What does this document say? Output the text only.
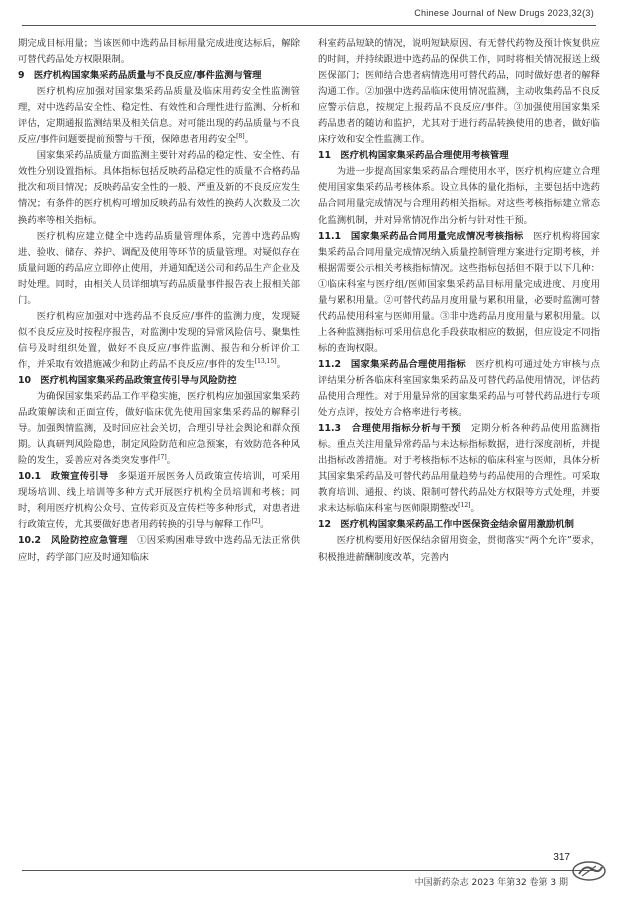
Chinese Journal of New Drugs 2023,32(3)

期完成目标用量；当该医师中选药品目标用量完成进度达标后，解除可替代药品处方权限限制。

9　医疗机构国家集采药品质量与不良反应/事件监测与管理

医疗机构应加强对国家集采药品质量及临床用药安全性监测管理，对中选药品安全性、稳定性、有效性和合理性进行监测、分析和评估，定期通报监测结果及相关信息。对可能出现的药品质量与不良反应/事件问题要提前预警与干预，保障患者用药安全[8]。

国家集采药品质量方面监测主要针对药品的稳定性、安全性、有效性分别设置指标。具体指标包括反映药品稳定性的质量不合格药品批次和项目情况；反映药品安全性的一般、严重及新的不良反应发生情况；有条件的医疗机构可增加反映药品有效性的换药人次数及二次换药率等相关指标。

医疗机构应建立健全中选药品质量管理体系，完善中选药品购进、验收、储存、养护、调配及使用等环节的质量管理。对疑似存在质量问题的药品应立即停止使用，并通知配送公司和药品生产企业及时处理。同时，由相关人员详细填写药品质量事件报告表上报相关部门。

医疗机构应加强对中选药品不良反应/事件的监测力度，发现疑似不良反应及时按程序报告，对监测中发现的异常风险信号、聚集性信号及时组织处置，做好不良反应/事件监测、报告和分析评价工作，并采取有效措施减少和防止药品不良反应/事件的发生[13,15]。

10　医疗机构国家集采药品政策宣传引导与风险防控

为确保国家集采药品工作平稳实施，医疗机构应加强国家集采药品政策解读和正面宣传，做好临床优先使用国家集采药品的解释引导。加强舆情监测，及时回应社会关切，合理引导社会舆论和群众预期。认真研判风险隐患，制定风险防范和应急预案，有效防范各种风险的发生，妥善应对各类突发事件[7]。

10.1　政策宣传引导　 多渠道开展医务人员政策宣传培训，可采用现场培训、线上培训等多种方式开展医疗机构全员培训和考核；同时，利用医疗机构公众号、宣传彩页及宣传栏等多种形式，对患者进行政策宣传，尤其要做好患者用药转换的引导与解释工作[2]。

10.2　风险防控应急管理　 ①因采购困难导致中选药品无法正常供应时，药学部门应及时通知临床

科室药品短缺的情况，说明短缺原因、有无替代药物及预计恢复供应的时间，并持续跟进中选药品的保供工作，同时将相关情况报送上级医保部门；医师结合患者病情选用可替代药品，同时做好患者的解释沟通工作。②加强中选药品临床使用情况监测，主动收集药品不良反应警示信息，按规定上报药品不良反应/事件。③加强使用国家集采药品患者的随访和监护，尤其对于进行药品转换使用的患者，做好临床疗效和安全性监测工作。

11　医疗机构国家集采药品合理使用考核管理

为进一步提高国家集采药品合理使用水平，医疗机构应建立合理使用国家集采药品考核体系。设立具体的量化指标，主要包括中选药品合同用量完成情况与合理用药相关指标。对这些考核指标建立常态化监测机制，并对异常情况作出分析与针对性干预。

11.1　国家集采药品合同用量完成情况考核指标　 医疗机构将国家集采药品合同用量完成情况纳入质量控制管理方案进行定期考核，并根据需要公示相关考核指标情况。这些指标包括但不限于以下几种：①临床科室与医疗组/医师国家集采药品目标用量完成进度、月度用量与累积用量。②可替代药品月度用量与累积用量，必要时监测可替代药品使用科室与医师用量。③非中选药品月度用量与累积用量。以上各种监测指标可采用信息化手段获取相应的数据，但应设定不同指标的查询权限。

11.2　国家集采药品合理使用指标　 医疗机构可通过处方审核与点评结果分析各临床科室国家集采药品及可替代药品使用情况，评估药品使用合理性。对于用量异常的国家集采药品与可替代药品进行专项处方点评，按处方合格率进行考核。

11.3　合理使用指标分析与干预　 定期分析各种药品使用监测指标。重点关注用量异常药品与未达标指标数据，进行深度剖析，并提出指标改善措施。对于考核指标不达标的临床科室与医师，具体分析其国家集采药品及可替代药品用量趋势与药品使用的合理性。可采取教育培训、通报、约谈、限制可替代药品处方权限等方式处理，并要求未达标临床科室与医师限期整改[12]。

12　医疗机构国家集采药品工作中医保资金结余留用激励机制

医疗机构要用好医保结余留用资金，贯彻落实“两个允许”要求，积极推进薪酬制度改革，完善内

317
中国新药杂志 2023 年第32 卷第 3 期
